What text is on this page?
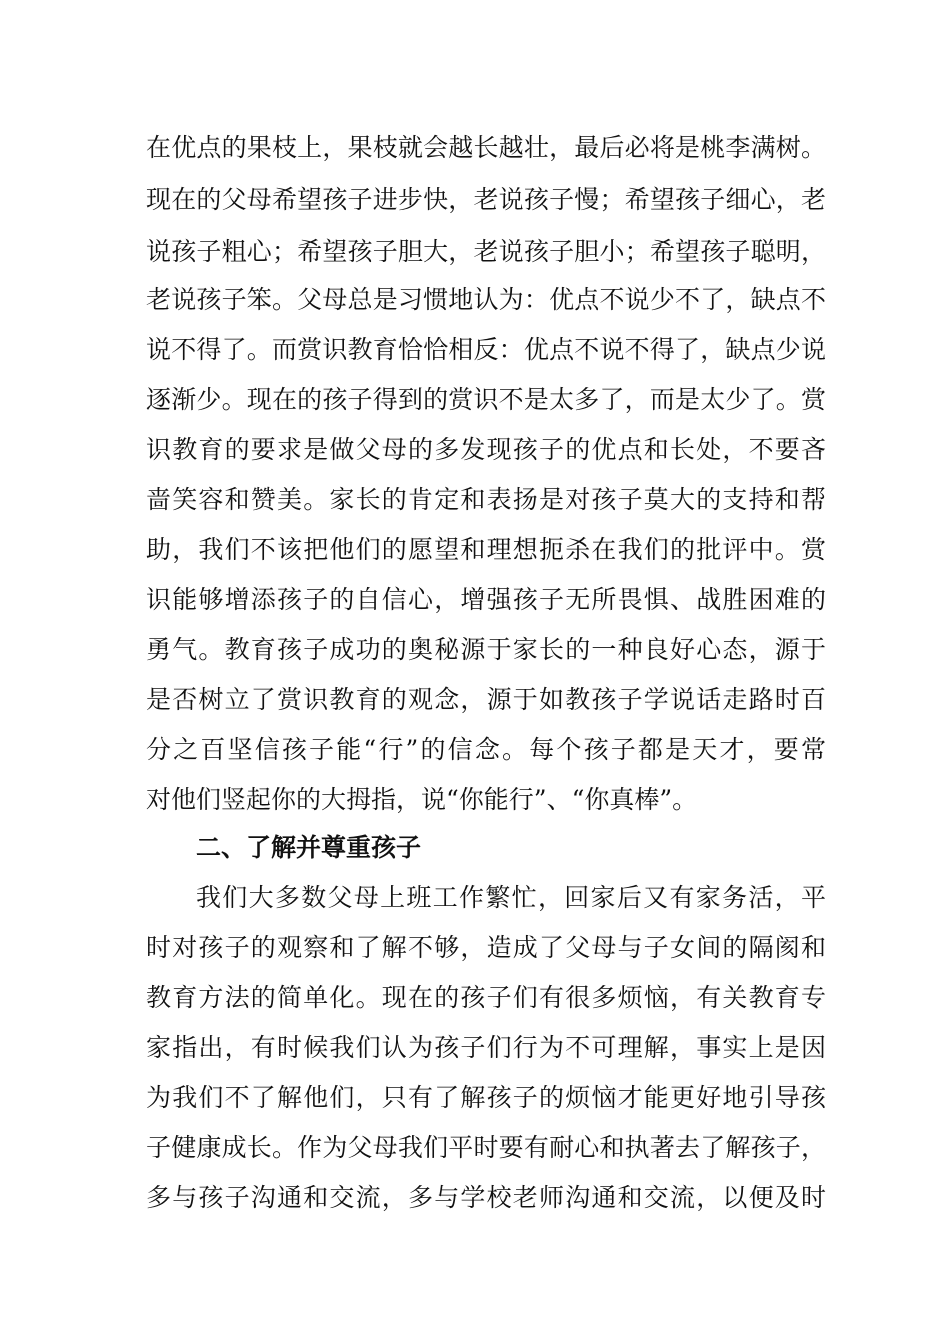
在优点的果枝上，果枝就会越长越壮，最后必将是桃李满树。
现在的父母希望孩子进步快，老说孩子慢；希望孩子细心，老
说孩子粗心；希望孩子胆大，老说孩子胆小；希望孩子聪明，
老说孩子笨。父母总是习惯地认为：优点不说少不了，缺点不
说不得了。而赏识教育恰恰相反：优点不说不得了，缺点少说
逐渐少。现在的孩子得到的赏识不是太多了，而是太少了。赏
识教育的要求是做父母的多发现孩子的优点和长处，不要吝
啬笑容和赞美。家长的肯定和表扬是对孩子莫大的支持和帮
助，我们不该把他们的愿望和理想扼杀在我们的批评中。赏
识能够增添孩子的自信心，增强孩子无所畏惧、战胜困难的
勇气。教育孩子成功的奥秘源于家长的一种良好心态，源于
是否树立了赏识教育的观念，源于如教孩子学说话走路时百
分之百坚信孩子能“行”的信念。每个孩子都是天才，要常
对他们竖起你的大拇指，说“你能行”、“你真棒”。
二、了解并尊重孩子
我们大多数父母上班工作繁忙，回家后又有家务活，平
时对孩子的观察和了解不够，造成了父母与子女间的隔阂和
教育方法的简单化。现在的孩子们有很多烦恼，有关教育专
家指出，有时候我们认为孩子们行为不可理解，事实上是因
为我们不了解他们，只有了解孩子的烦恼才能更好地引导孩
子健康成长。作为父母我们平时要有耐心和执著去了解孩子，
多与孩子沟通和交流，多与学校老师沟通和交流，以便及时
